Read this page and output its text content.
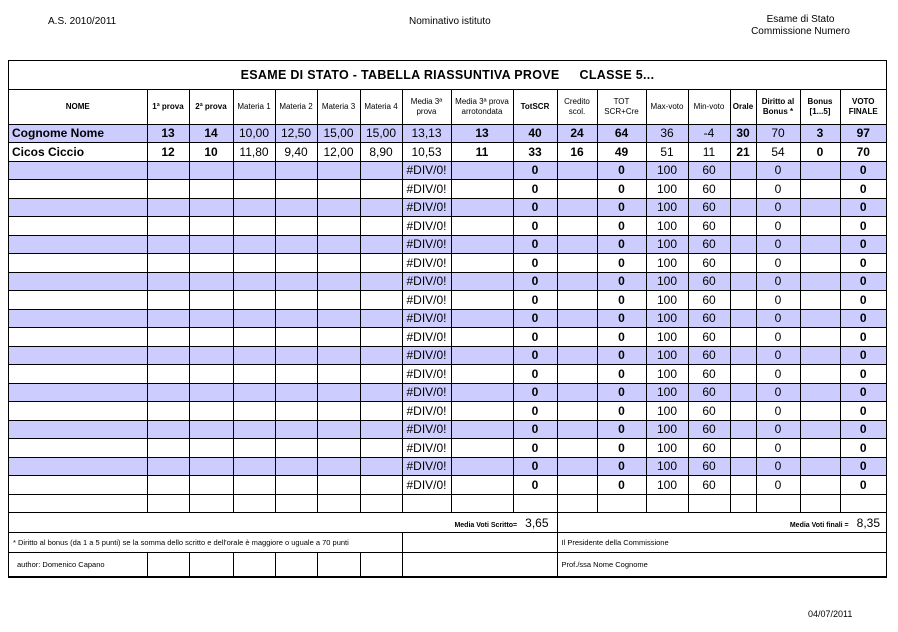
A.S. 2010/2011	Nominativo istituto	Esame di Stato
Commissione Numero
ESAME DI STATO - TABELLA RIASSUNTIVA PROVE CLASSE 5...
NOME	1ª prova	2ª prova	Materia 1	Materia 2	Materia 3	Materia 4	Media 3ª prova	Media 3ª prova arrotondata	TotSCR	Credito scol.	TOT SCR+Cre	Max-voto	Min-voto	Orale	Diritto al Bonus *	Bonus [1...5]	VOTO FINALE
Cognome Nome	13	14	10,00	12,50	15,00	15,00	13,13	13	40	24	64	36	-4	30	70	3	97
Cicos Ciccio	12	10	11,80	9,40	12,00	8,90	10,53	11	33	16	49	51	11	21	54	0	70
							#DIV/0!		0		0	100	60		0		0
							#DIV/0!		0		0	100	60		0		0
							#DIV/0!		0		0	100	60		0		0
							#DIV/0!		0		0	100	60		0		0
							#DIV/0!		0		0	100	60		0		0
							#DIV/0!		0		0	100	60		0		0
							#DIV/0!		0		0	100	60		0		0
							#DIV/0!		0		0	100	60		0		0
							#DIV/0!		0		0	100	60		0		0
							#DIV/0!		0		0	100	60		0		0
							#DIV/0!		0		0	100	60		0		0
							#DIV/0!		0		0	100	60		0		0
							#DIV/0!		0		0	100	60		0		0
							#DIV/0!		0		0	100	60		0		0
							#DIV/0!		0		0	100	60		0		0
							#DIV/0!		0		0	100	60		0		0
							#DIV/0!		0		0	100	60		0		0
							#DIV/0!		0		0	100	60		0		0

							Media Voti Scritto= 3,65								Media Voti finali = 8,35		
* Diritto al bonus (da 1 a 5 punti) se la somma dello scritto e dell'orale è maggiore o uguale a 70 punti										Il Presidente della Commissione							
author: Domenico Capano										Prof./ssa Nome Cognome							
04/07/2011
